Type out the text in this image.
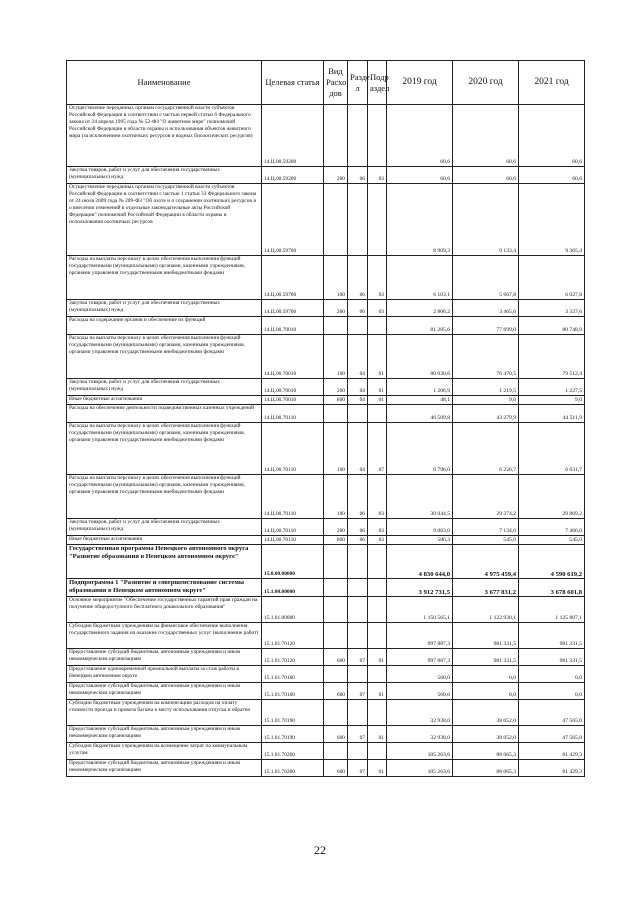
Наименование	Целевая статья	Вид Расхо дов	Разде л	Подр аздел	2019 год	2020 год	2021 год
Осуществление переданных органам государственной власти субъектов Российской Федерации в соответствии с частью первой статьи 6 Федерального закона от 24 апреля 1995 года № 52-ФЗ "О животном мире" полномочий Российской Федерации в области охраны и использования объектов животного мира (за исключением охотничьих ресурсов и водных биологических ресурсов)	14.Ц.00.59200				60,6	60,6	60,6
Закупка товаров, работ и услуг для обеспечения государственных (муниципальных) нужд	14.Ц.00.59200	200	06	03	60,6	60,6	60,6
Осуществление переданных органам государственной власти субъектов Российской Федерации в соответствии с частью 1 статьи 33 Федерального закона от 24 июля 2009 года № 209-ФЗ "Об охоте и о сохранении охотничьих ресурсов и о внесении изменений в отдельные законодательные акты Российской Федерации" полномочий Российской Федерации в области охраны и использования охотничьих ресурсов	14.Ц.00.59700				8 909,3	9 133,4	9 365,4
Расходы на выплаты персоналу в целях обеспечения выполнения функций государственными (муниципальными) органами, казенными учреждениями, органами управления государственными внебюджетными фондами	14.Ц.00.59700	100	06	03	6 103,1	5 667,8	6 027,8
Закупка товаров, работ и услуг для обеспечения государственных (муниципальных) нужд	14.Ц.00.59700	200	06	03	2 806,2	3 465,6	3 337,6
Расходы на содержание органов и обеспечение их функций	14.Ц.00.70010				81 285,6	77 699,0	80 748,9
Расходы на выплаты персоналу в целях обеспечения выполнения функций государственными (муниципальными) органами, казенными учреждениями, органами управления государственными внебюджетными фондами	14.Ц.00.70010	100	04	01	80 030,6	76 470,5	79 512,4
Закупка товаров, работ и услуг для обеспечения государственных (муниципальных) нужд	14.Ц.00.70010	200	04	01	1 206,9	1 219,5	1 227,5
Иные бюджетные ассигнования	14.Ц.00.70010	800	04	01	48,1	9,0	9,0
Расходы на обеспечение деятельности подведомственных казенных учреждений	14.Ц.00.70110				46 509,8	43 279,9	44 511,9
Расходы на выплаты персоналу в целях обеспечения выполнения функций государственными (муниципальными) органами, казенными учреждениями, органами управления государственными внебюджетными фондами	14.Ц.00.70110	100	04	07	6 796,0	6 226,7	6 631,7
Расходы на выплаты персоналу в целях обеспечения выполнения функций государственными (муниципальными) органами, казенными учреждениями, органами управления государственными внебюджетными фондами	14.Ц.00.70110	100	06	03	30 044,5	29 374,2	29 869,2
Закупка товаров, работ и услуг для обеспечения государственных (муниципальных) нужд	14.Ц.00.70110	200	06	03	9 083,0	7 134,0	7 466,0
Иные бюджетные ассигнования	14.Ц.00.70110	800	06	03	586,3	545,0	545,0
Государственная программа Ненецкого автономного округа "Развитие образования в Ненецком автономном округе"	15.0.00.00000				4 830 644,0	4 975 459,4	4 590 619,2
Подпрограмма 1 "Развитие и совершенствование системы образования в Ненецком автономном округе"	15.1.00.00000				3 912 731,5	3 677 831,2	3 678 601,8
Основное мероприятие "Обеспечение государственных гарантий прав граждан на получение общедоступного бесплатного дошкольного образования"	15.1.01.00000				1 150 565,1	1 122 930,1	1 125 807,1
Субсидии бюджетным учреждениям на финансовое обеспечение выполнения государственного задания на оказание государственных услуг (выполнение работ)	15.1.01.70120				997 887,3	981 331,5	981 331,5
Предоставление субсидий бюджетным, автономным учреждениям и иным некоммерческим организациям	15.1.01.70120	600	07	01	997 887,3	981 331,5	981 331,5
Предоставление единовременной премиальной выплаты за стаж работы в Ненецком автономном округе	15.1.01.70160				560,0	0,0	0,0
Предоставление субсидий бюджетным, автономным учреждениям и иным некоммерческим организациям	15.1.01.70160	600	07	01	560,0	0,0	0,0
Субсидии бюджетным учреждениям на компенсацию расходов на оплату стоимости проезда и провоза багажа к месту использования отпуска и обратно	15.1.01.70190				32 938,0	38 052,0	47 565,0
Предоставление субсидий бюджетным, автономным учреждениям и иным некоммерческим организациям	15.1.01.70190	600	07	01	32 938,0	38 052,0	47 565,0
Субсидии бюджетным учреждениям на возмещение затрат по коммунальным услугам	15.1.01.70200				105 263,6	88 065,3	81 429,3
Предоставление субсидий бюджетным, автономным учреждениям и иным некоммерческим организациям	15.1.01.70200	600	07	01	105 263,6	88 065,3	81 429,3
22
